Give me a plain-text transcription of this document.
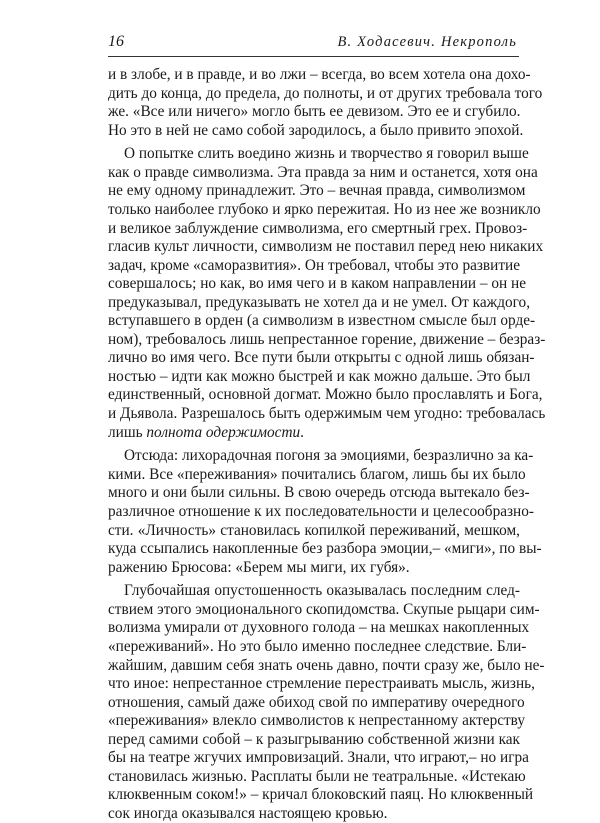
16	В. Ходасевич. Некрополь
и в злобе, и в правде, и во лжи – всегда, во всем хотела она дохо-
дить до конца, до предела, до полноты, и от других требовала того
же. «Все или ничего» могло быть ее девизом. Это ее и сгубило.
Но это в ней не само собой зародилось, а было привито эпохой.
О попытке слить воедино жизнь и творчество я говорил выше
как о правде символизма. Эта правда за ним и останется, хотя она
не ему одному принадлежит. Это – вечная правда, символизмом
только наиболее глубоко и ярко пережитая. Но из нее же возникло
и великое заблуждение символизма, его смертный грех. Провоз-
гласив культ личности, символизм не поставил перед нею никаких
задач, кроме «саморазвития». Он требовал, чтобы это развитие
совершалось; но как, во имя чего и в каком направлении – он не
предуказывал, предуказывать не хотел да и не умел. От каждого,
вступавшего в орден (а символизм в известном смысле был орде-
ном), требовалось лишь непрестанное горение, движение – безраз-
лично во имя чего. Все пути были открыты с одной лишь обязан-
ностью – идти как можно быстрей и как можно дальше. Это был
единственный, основной догмат. Можно было прославлять и Бога,
и Дьявола. Разрешалось быть одержимым чем угодно: требовалась
лишь полнота одержимости.
Отсюда: лихорадочная погоня за эмоциями, безразлично за ка-
кими. Все «переживания» почитались благом, лишь бы их было
много и они были сильны. В свою очередь отсюда вытекало без-
различное отношение к их последовательности и целесообразно-
сти. «Личность» становилась копилкой переживаний, мешком,
куда ссыпались накопленные без разбора эмоции,– «миги», по вы-
ражению Брюсова: «Берем мы миги, их губя».
Глубочайшая опустошенность оказывалась последним след-
ствием этого эмоционального скопидомства. Скупые рыцари сим-
волизма умирали от духовного голода – на мешках накопленных
«переживаний». Но это было именно последнее следствие. Бли-
жайшим, давшим себя знать очень давно, почти сразу же, было не-
что иное: непрестанное стремление перестраивать мысль, жизнь,
отношения, самый даже обиход свой по императиву очередного
«переживания» влекло символистов к непрестанному актерству
перед самими собой – к разыгрыванию собственной жизни как
бы на театре жгучих импровизаций. Знали, что играют,– но игра
становилась жизнью. Расплаты были не театральные. «Истекаю
клюквенным соком!» – кричал блоковский паяц. Но клюквенный
сок иногда оказывался настоящею кровью.
